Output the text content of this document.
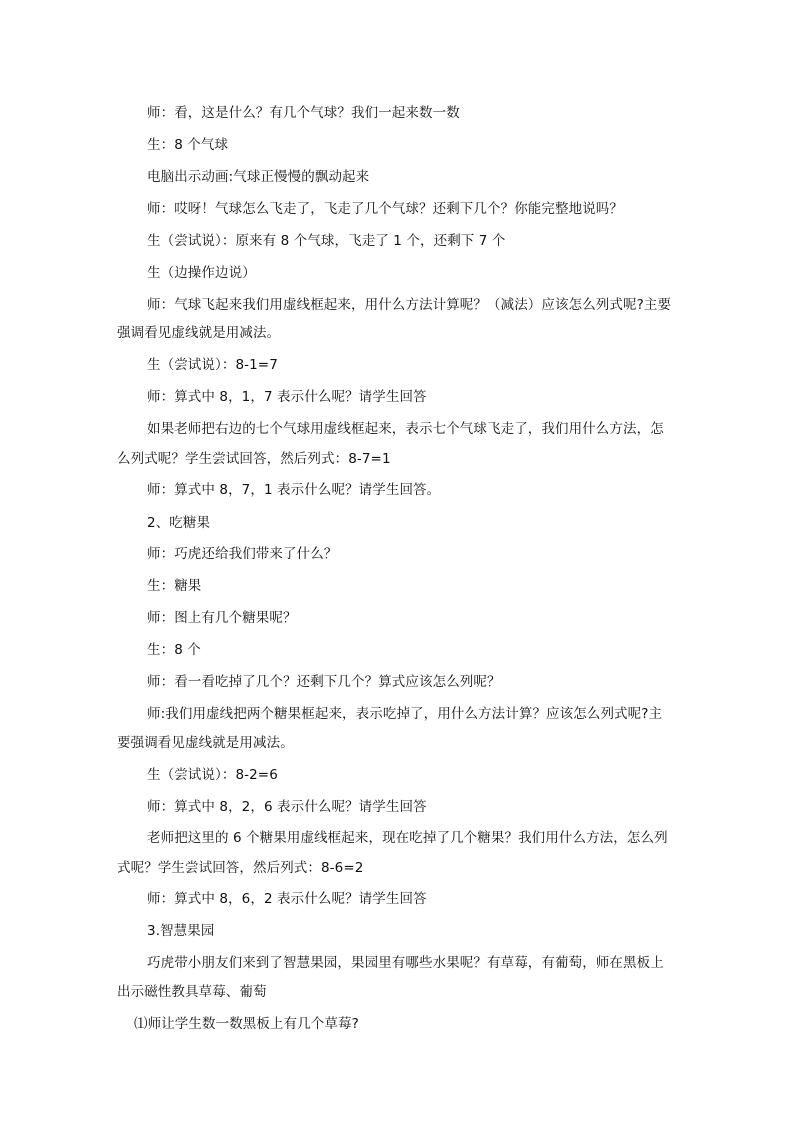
师：看，这是什么？有几个气球？我们一起来数一数
生：8 个气球
电脑出示动画:气球正慢慢的飘动起来
师：哎呀！气球怎么飞走了，飞走了几个气球？还剩下几个？你能完整地说吗？
生（尝试说）：原来有 8 个气球，飞走了 1 个，还剩下 7 个
生（边操作边说）
师：气球飞起来我们用虚线框起来，用什么方法计算呢？（减法）应该怎么列式呢?主要
强调看见虚线就是用减法。
生（尝试说）：8-1=7
师：算式中 8，1，7 表示什么呢？请学生回答
如果老师把右边的七个气球用虚线框起来，表示七个气球飞走了，我们用什么方法，怎
么列式呢？学生尝试回答，然后列式：8-7=1
师：算式中 8，7，1 表示什么呢？请学生回答。
2、吃糖果
师：巧虎还给我们带来了什么？
生：糖果
师：图上有几个糖果呢？
生：8 个
师：看一看吃掉了几个？还剩下几个？算式应该怎么列呢？
师:我们用虚线把两个糖果框起来，表示吃掉了，用什么方法计算？应该怎么列式呢?主
要强调看见虚线就是用减法。
生（尝试说）：8-2=6
师：算式中 8，2，6 表示什么呢？请学生回答
老师把这里的 6 个糖果用虚线框起来，现在吃掉了几个糖果？我们用什么方法，怎么列
式呢？学生尝试回答，然后列式：8-6=2
师：算式中 8，6，2 表示什么呢？请学生回答
3.智慧果园
巧虎带小朋友们来到了智慧果园，果园里有哪些水果呢？有草莓，有葡萄，师在黑板上
出示磁性教具草莓、葡萄
⑴师让学生数一数黑板上有几个草莓?
